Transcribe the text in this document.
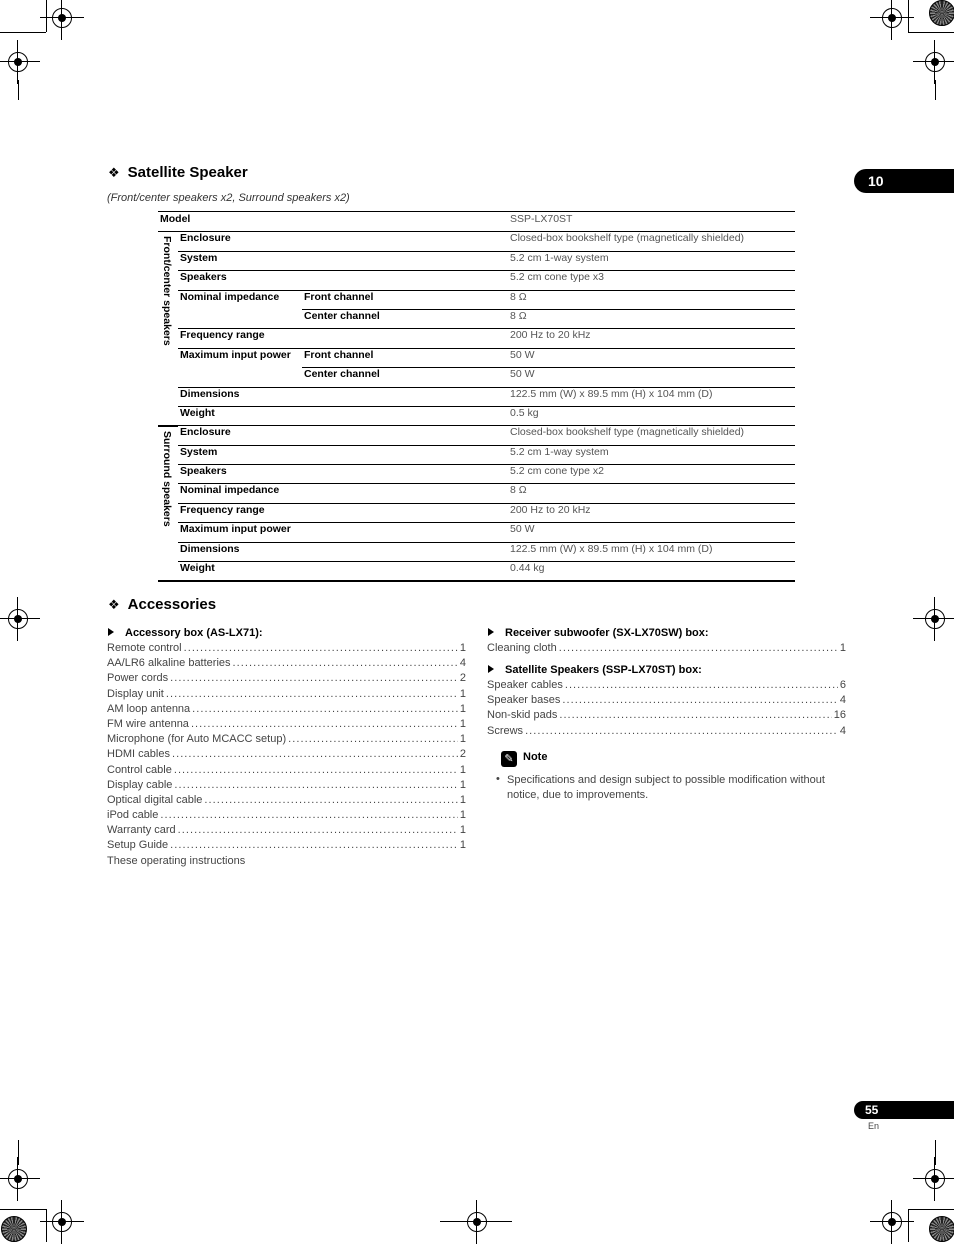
10
❖ Satellite Speaker
(Front/center speakers x2, Surround speakers x2)
Model			SSP-LX70ST

Front/center speakers	Enclosure		Closed-box bookshelf type (magnetically shielded)
	System		5.2 cm 1-way system
	Speakers		5.2 cm cone type x3
	Nominal impedance	Front channel	8 Ω
		Center channel	8 Ω
	Frequency range		200 Hz to 20 kHz
	Maximum input power	Front channel	50 W
		Center channel	50 W
	Dimensions		122.5 mm (W) x 89.5 mm (H) x 104 mm (D)
	Weight		0.5 kg

Surround speakers	Enclosure		Closed-box bookshelf type (magnetically shielded)
	System		5.2 cm 1-way system
	Speakers		5.2 cm cone type x2
	Nominal impedance		8 Ω
	Frequency range		200 Hz to 20 kHz
	Maximum input power		50 W
	Dimensions		122.5 mm (W) x 89.5 mm (H) x 104 mm (D)
	Weight		0.44 kg
❖ Accessories
Accessory box (AS-LX71):
Remote control . . .	1
AA/LR6 alkaline batteries . . .	4
Power cords . . .	2
Display unit . . .	1
AM loop antenna . . .	1
FM wire antenna . . .	1
Microphone (for Auto MCACC setup) . . .	1
HDMI cables . . .	2
Control cable . . .	1
Display cable . . .	1
Optical digital cable . . .	1
iPod cable . . .	1
Warranty card . . .	1
Setup Guide . . .	1
These operating instructions
Receiver subwoofer (SX-LX70SW) box:
Cleaning cloth . . .	1
Satellite Speakers (SSP-LX70ST) box:
Speaker cables . . .	6
Speaker bases . . .	4
Non-skid pads . . .	16
Screws . . .	4
✎ Note
• Specifications and design subject to possible modification without notice, due to improvements.
55
En
